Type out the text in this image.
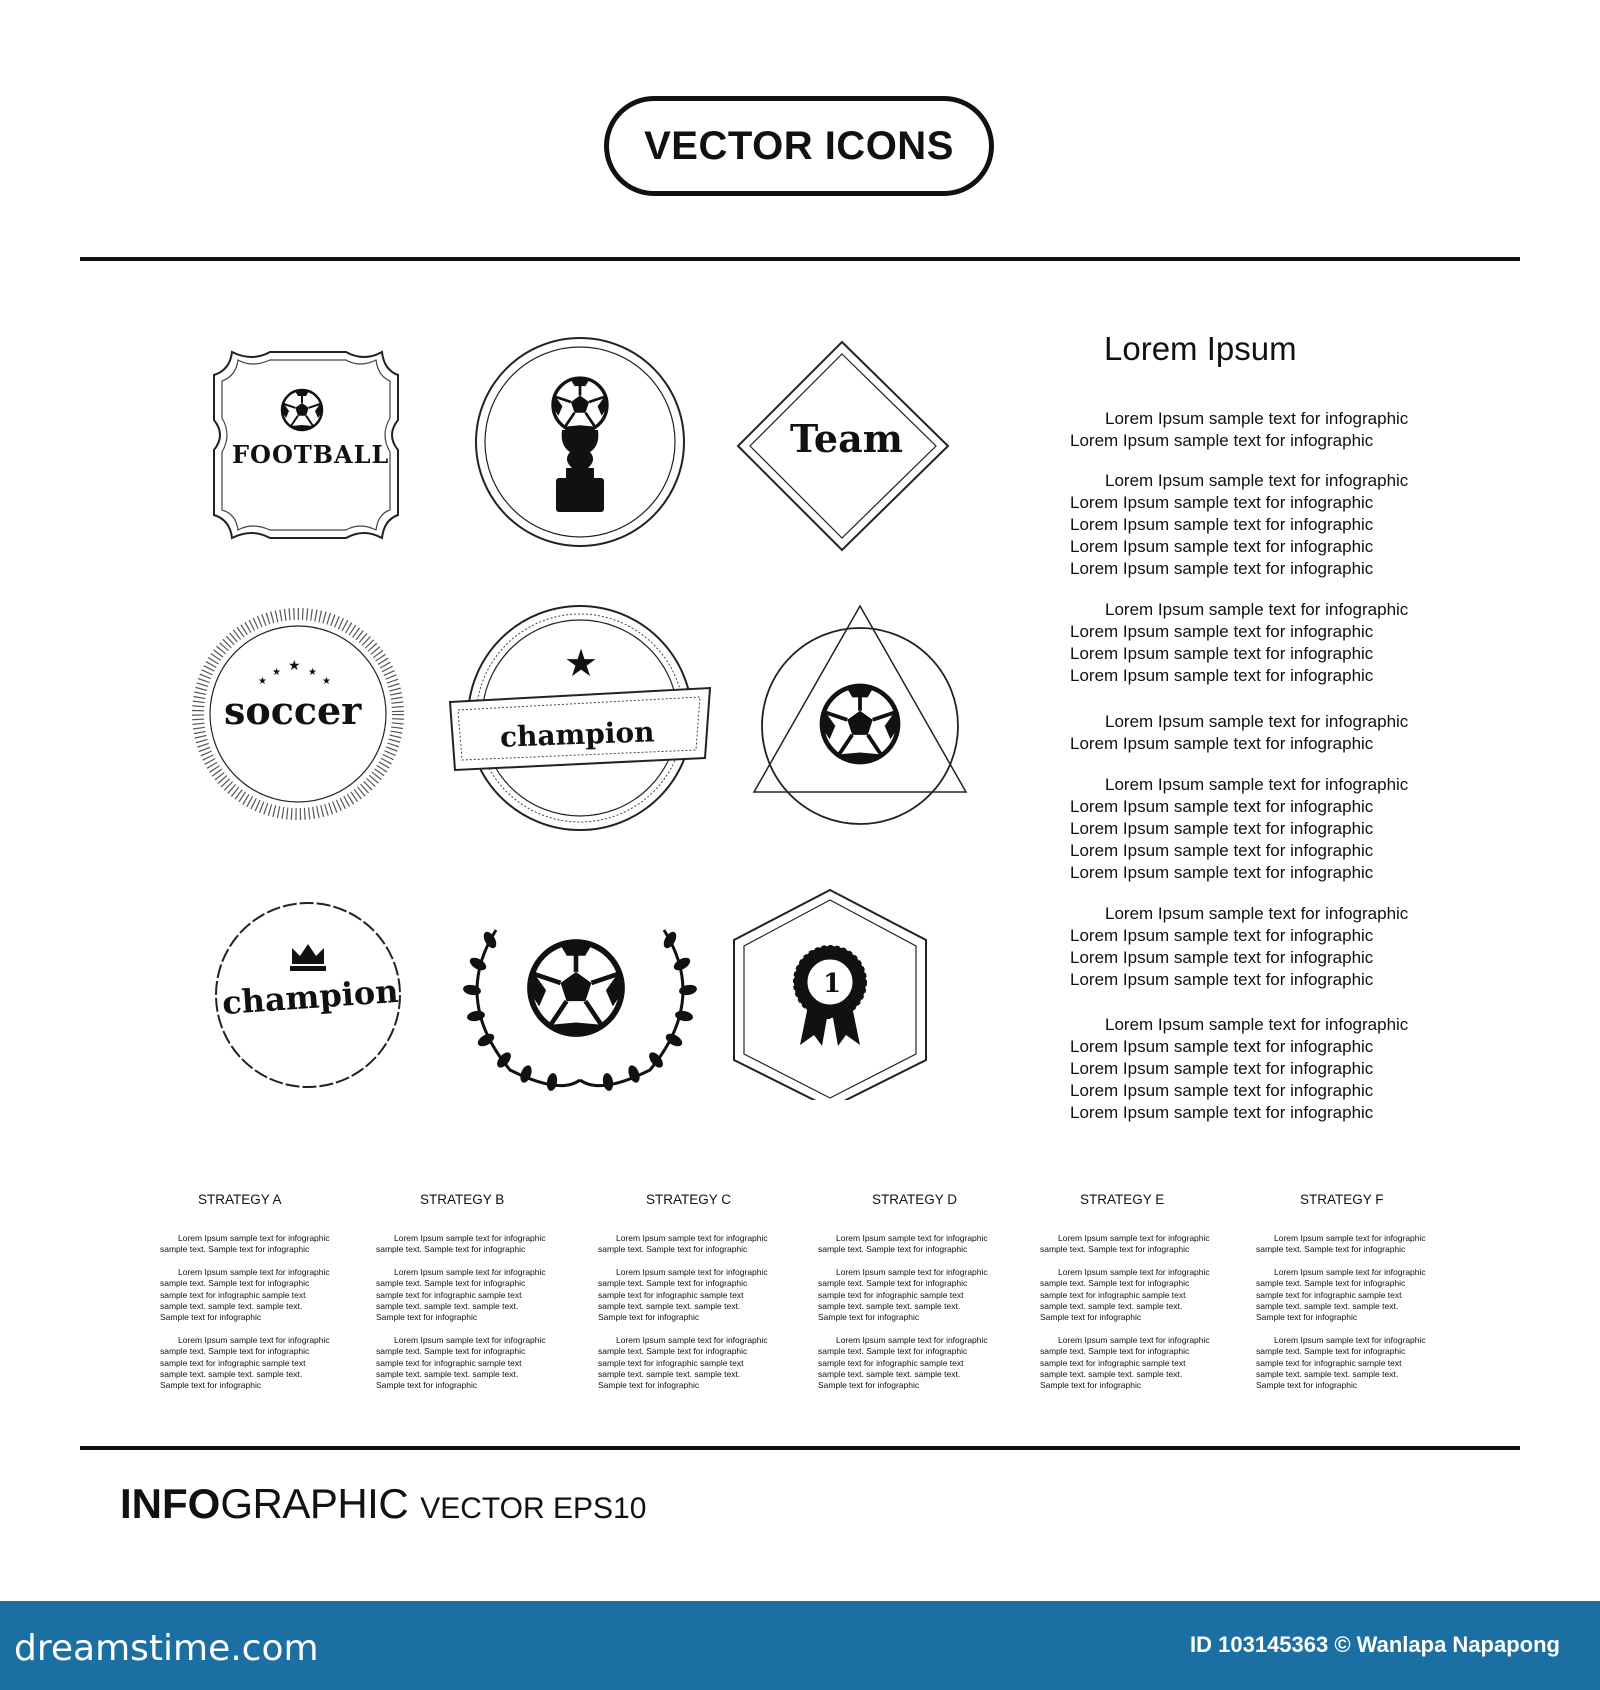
VECTOR ICONS
★
★ ★ ★
★	★
FOOTBALL	Team
soccer
champion
champion	1
Lorem Ipsum
Lorem Ipsum sample text for infographic
Lorem Ipsum sample text for infographic
Lorem Ipsum sample text for infographic
Lorem Ipsum sample text for infographic
Lorem Ipsum sample text for infographic
Lorem Ipsum sample text for infographic
Lorem Ipsum sample text for infographic
Lorem Ipsum sample text for infographic
Lorem Ipsum sample text for infographic
Lorem Ipsum sample text for infographic
Lorem Ipsum sample text for infographic
Lorem Ipsum sample text for infographic
Lorem Ipsum sample text for infographic
Lorem Ipsum sample text for infographic
Lorem Ipsum sample text for infographic
Lorem Ipsum sample text for infographic
Lorem Ipsum sample text for infographic
Lorem Ipsum sample text for infographic
Lorem Ipsum sample text for infographic
Lorem Ipsum sample text for infographic
Lorem Ipsum sample text for infographic
Lorem Ipsum sample text for infographic
Lorem Ipsum sample text for infographic
Lorem Ipsum sample text for infographic
Lorem Ipsum sample text for infographic
Lorem Ipsum sample text for infographic
Lorem Ipsum sample text for infographic
STRATEGY A
Lorem Ipsum sample text for infographic
sample text. Sample text for infographic
Lorem Ipsum sample text for infographic
sample text. Sample text for infographic
sample text for infographic sample text
sample text. sample text. sample text.
Sample text for infographic
Lorem Ipsum sample text for infographic
sample text. Sample text for infographic
sample text for infographic sample text
sample text. sample text. sample text.
Sample text for infographic
STRATEGY B
Lorem Ipsum sample text for infographic
sample text. Sample text for infographic
Lorem Ipsum sample text for infographic
sample text. Sample text for infographic
sample text for infographic sample text
sample text. sample text. sample text.
Sample text for infographic
Lorem Ipsum sample text for infographic
sample text. Sample text for infographic
sample text for infographic sample text
sample text. sample text. sample text.
Sample text for infographic
STRATEGY C
Lorem Ipsum sample text for infographic
sample text. Sample text for infographic
Lorem Ipsum sample text for infographic
sample text. Sample text for infographic
sample text for infographic sample text
sample text. sample text. sample text.
Sample text for infographic
Lorem Ipsum sample text for infographic
sample text. Sample text for infographic
sample text for infographic sample text
sample text. sample text. sample text.
Sample text for infographic
STRATEGY D
Lorem Ipsum sample text for infographic
sample text. Sample text for infographic
Lorem Ipsum sample text for infographic
sample text. Sample text for infographic
sample text for infographic sample text
sample text. sample text. sample text.
Sample text for infographic
Lorem Ipsum sample text for infographic
sample text. Sample text for infographic
sample text for infographic sample text
sample text. sample text. sample text.
Sample text for infographic
STRATEGY E
Lorem Ipsum sample text for infographic
sample text. Sample text for infographic
Lorem Ipsum sample text for infographic
sample text. Sample text for infographic
sample text for infographic sample text
sample text. sample text. sample text.
Sample text for infographic
Lorem Ipsum sample text for infographic
sample text. Sample text for infographic
sample text for infographic sample text
sample text. sample text. sample text.
Sample text for infographic
STRATEGY F
Lorem Ipsum sample text for infographic
sample text. Sample text for infographic
Lorem Ipsum sample text for infographic
sample text. Sample text for infographic
sample text for infographic sample text
sample text. sample text. sample text.
Sample text for infographic
Lorem Ipsum sample text for infographic
sample text. Sample text for infographic
sample text for infographic sample text
sample text. sample text. sample text.
Sample text for infographic
INFOGRAPHIC VECTOR EPS10
dreamstime.com	ID 103145363 © Wanlapa Napapong
